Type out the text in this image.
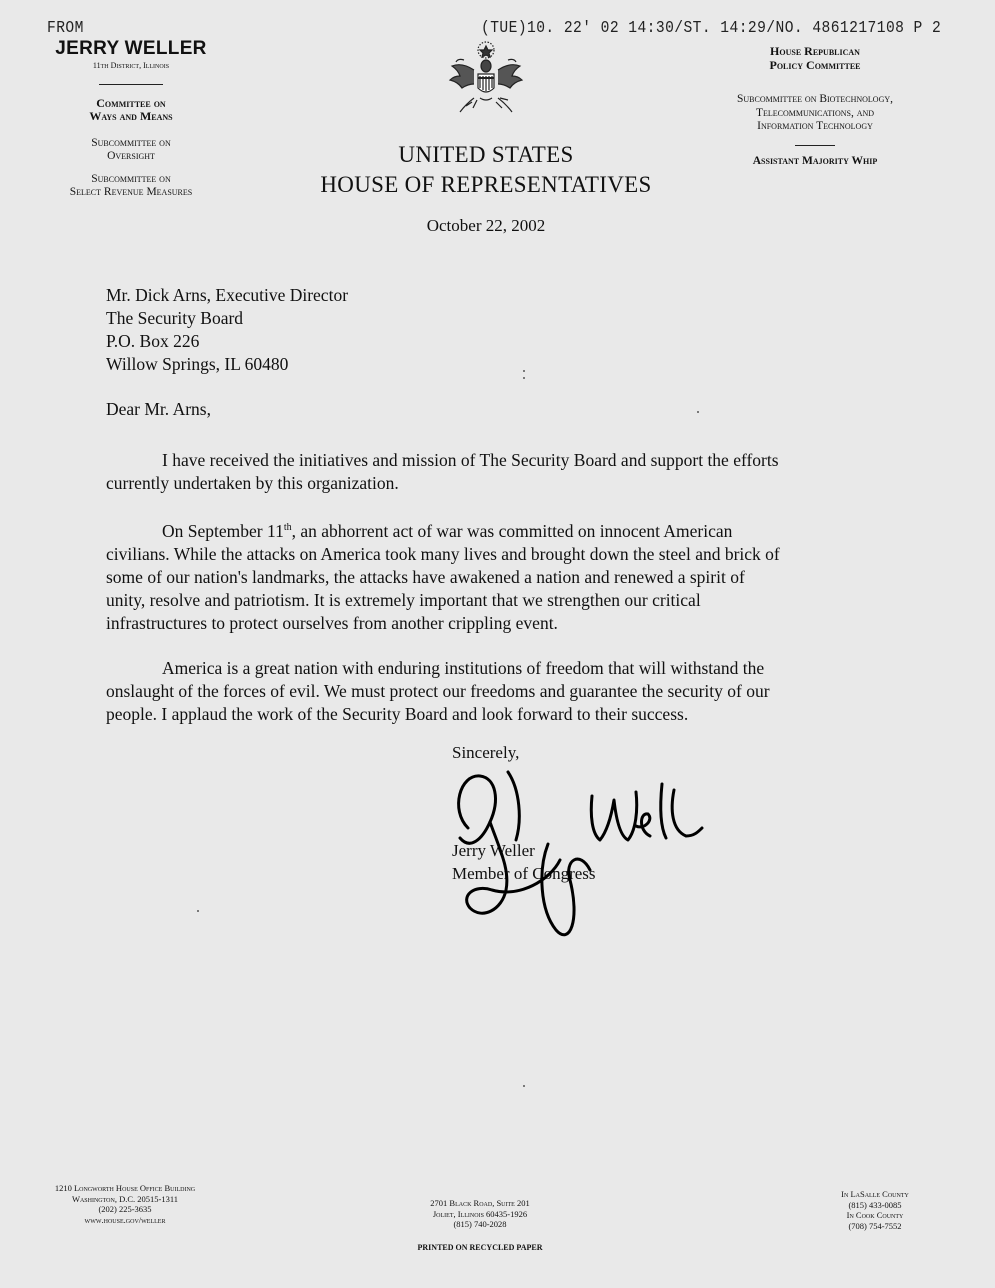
FROM	(TUE)10. 22' 02 14:30/ST. 14:29/NO. 4861217108 P 2
JERRY WELLER
11th District, Illinois
Committee on
Ways and Means
Subcommittee on
Oversight
Subcommittee on
Select Revenue Measures
House Republican
Policy Committee
Subcommittee on Biotechnology,
Telecommunications, and
Information Technology
Assistant Majority Whip
UNITED STATES
HOUSE OF REPRESENTATIVES
October 22, 2002
Mr. Dick Arns, Executive Director
The Security Board
P.O. Box 226
Willow Springs, IL 60480
Dear Mr. Arns,
I have received the initiatives and mission of The Security Board and support the efforts
currently undertaken by this organization.
On September 11th, an abhorrent act of war was committed on innocent American
civilians. While the attacks on America took many lives and brought down the steel and brick of
some of our nation's landmarks, the attacks have awakened a nation and renewed a spirit of
unity, resolve and patriotism. It is extremely important that we strengthen our critical
infrastructures to protect ourselves from another crippling event.
America is a great nation with enduring institutions of freedom that will withstand the
onslaught of the forces of evil. We must protect our freedoms and guarantee the security of our
people. I applaud the work of the Security Board and look forward to their success.
Sincerely,
Jerry Weller
Member of Congress
1210 Longworth House Office Building
Washington, D.C. 20515-1311
(202) 225-3635
www.house.gov/weller
2701 Black Road, Suite 201
Joliet, Illinois 60435-1926
(815) 740-2028
In LaSalle County
(815) 433-0085
In Cook County
(708) 754-7552
PRINTED ON RECYCLED PAPER
